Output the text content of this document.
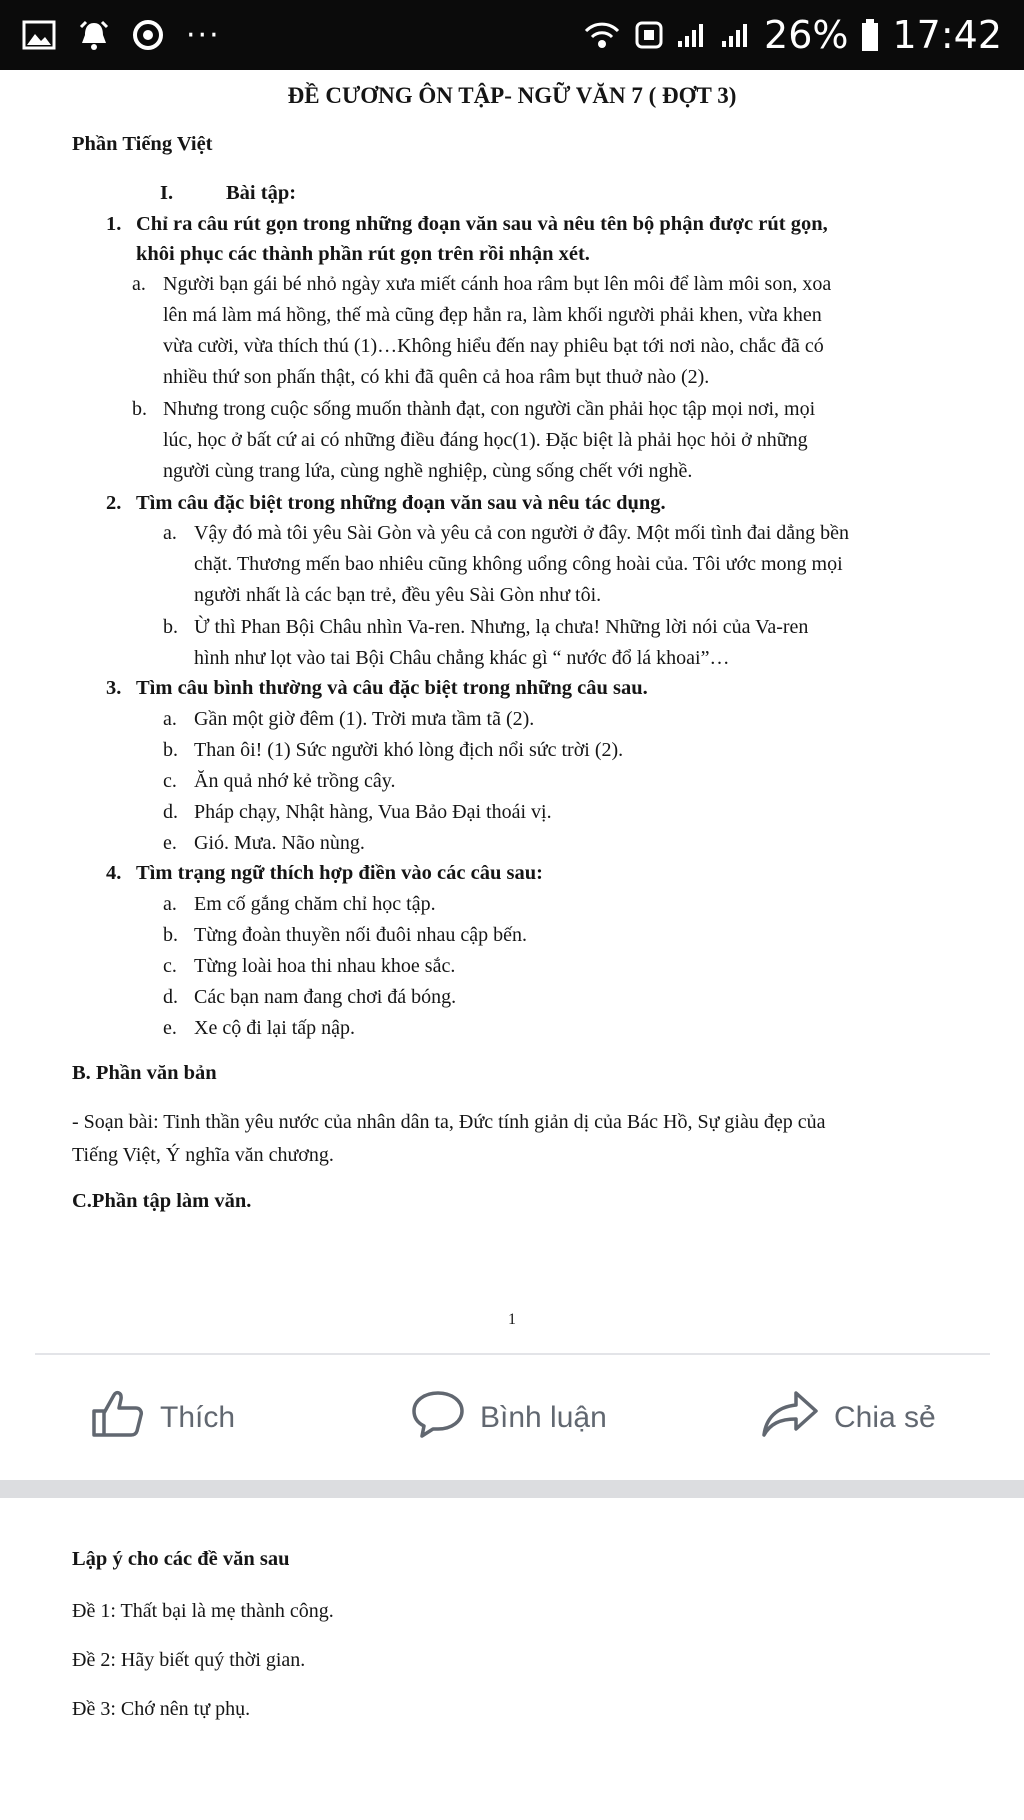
···	26% 17:42
ĐỀ CƯƠNG ÔN TẬP- NGỮ VĂN 7 ( ĐỢT 3)
Phần Tiếng Việt
I.	Bài tập:
1. Chỉ ra câu rút gọn trong những đoạn văn sau và nêu tên bộ phận được rút gọn,
khôi phục các thành phần rút gọn trên rồi nhận xét.
a. Người bạn gái bé nhỏ ngày xưa miết cánh hoa râm bụt lên môi để làm môi son, xoa
lên má làm má hồng, thế mà cũng đẹp hẳn ra, làm khối người phải khen, vừa khen
vừa cười, vừa thích thú (1)…Không hiểu đến nay phiêu bạt tới nơi nào, chắc đã có
nhiều thứ son phấn thật, có khi đã quên cả hoa râm bụt thuở nào (2).
b. Nhưng trong cuộc sống muốn thành đạt, con người cần phải học tập mọi nơi, mọi
lúc, học ở bất cứ ai có những điều đáng học(1). Đặc biệt là phải học hỏi ở những
người cùng trang lứa, cùng nghề nghiệp, cùng sống chết với nghề.
2. Tìm câu đặc biệt trong những đoạn văn sau và nêu tác dụng.
a. Vậy đó mà tôi yêu Sài Gòn và yêu cả con người ở đây. Một mối tình đai dẳng bền
chặt. Thương mến bao nhiêu cũng không uổng công hoài của. Tôi ước mong mọi
người nhất là các bạn trẻ, đều yêu Sài Gòn như tôi.
b. Ừ thì Phan Bội Châu nhìn Va-ren. Nhưng, lạ chưa! Những lời nói của Va-ren
hình như lọt vào tai Bội Châu chẳng khác gì “ nước đổ lá khoai”…
3. Tìm câu bình thường và câu đặc biệt trong những câu sau.
a. Gần một giờ đêm (1). Trời mưa tầm tã (2).
b. Than ôi! (1) Sức người khó lòng địch nổi sức trời (2).
c. Ăn quả nhớ kẻ trồng cây.
d. Pháp chạy, Nhật hàng, Vua Bảo Đại thoái vị.
e. Gió. Mưa. Não nùng.
4. Tìm trạng ngữ thích hợp điền vào các câu sau:
a. Em cố gắng chăm chỉ học tập.
b. Từng đoàn thuyền nối đuôi nhau cập bến.
c. Từng loài hoa thi nhau khoe sắc.
d. Các bạn nam đang chơi đá bóng.
e. Xe cộ đi lại tấp nập.
B. Phần văn bản
- Soạn bài: Tinh thần yêu nước của nhân dân ta, Đức tính giản dị của Bác Hồ, Sự giàu đẹp của
Tiếng Việt, Ý nghĩa văn chương.
C.Phần tập làm văn.
1
Thích	Bình luận	Chia sẻ
Lập ý cho các đề văn sau
Đề 1: Thất bại là mẹ thành công.
Đề 2: Hãy biết quý thời gian.
Đề 3: Chớ nên tự phụ.
